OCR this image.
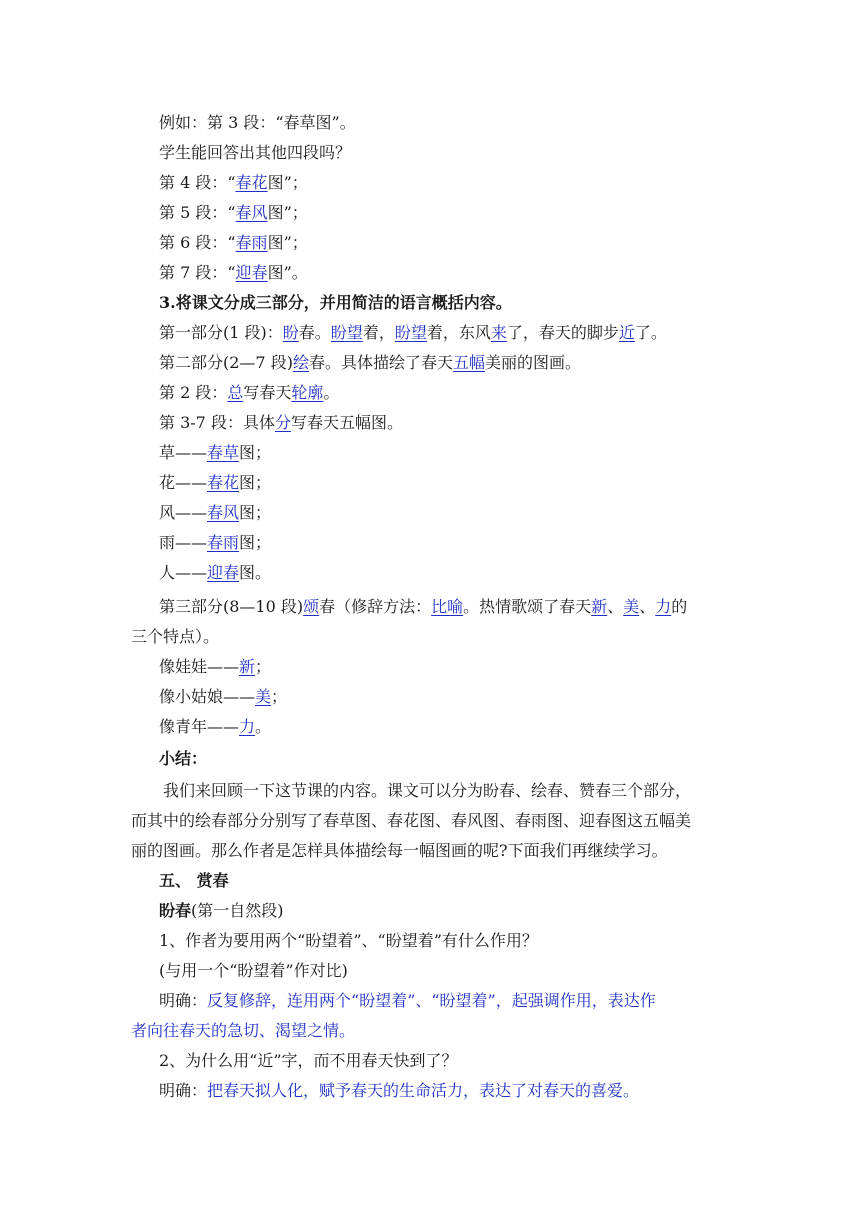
例如：第 3 段：“春草图”。
学生能回答出其他四段吗？
第 4 段：“春花图”；
第 5 段：“春风图”；
第 6 段：“春雨图”；
第 7 段：“迎春图”。
3.将课文分成三部分，并用简洁的语言概括内容。
第一部分(1 段)：盼春。盼望着，盼望着，东风来了，春天的脚步近了。
第二部分(2—7 段)绘春。具体描绘了春天五幅美丽的图画。
第 2 段：总写春天轮廓。
第 3-7 段：具体分写春天五幅图。
草——春草图；
花——春花图；
风——春风图；
雨——春雨图；
人——迎春图。
第三部分(8—10 段)颂春（修辞方法：比喻。热情歌颂了春天新、美、力的
三个特点）。
像娃娃——新；
像小姑娘——美；
像青年——力。
小结：
我们来回顾一下这节课的内容。课文可以分为盼春、绘春、赞春三个部分，
而其中的绘春部分分别写了春草图、春花图、春风图、春雨图、迎春图这五幅美
丽的图画。那么作者是怎样具体描绘每一幅图画的呢?下面我们再继续学习。
五、 赏春
盼春(第一自然段)
1、作者为要用两个“盼望着”、“盼望着”有什么作用？
(与用一个“盼望着”作对比)
明确：反复修辞，连用两个“盼望着”、“盼望着”，起强调作用，表达作
者向往春天的急切、渴望之情。
2、为什么用“近”字，而不用春天快到了？
明确：把春天拟人化，赋予春天的生命活力，表达了对春天的喜爱。
